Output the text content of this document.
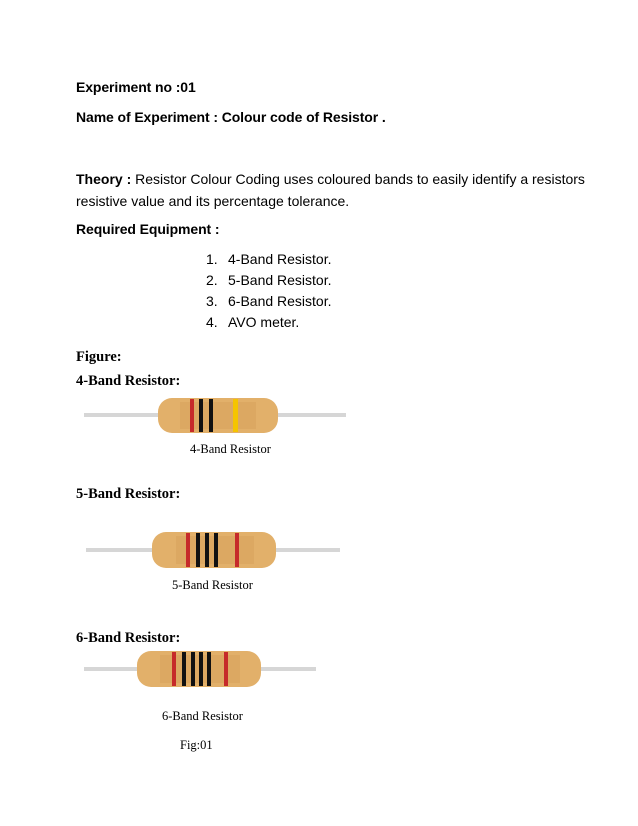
Experiment no :01
Name of Experiment : Colour code of Resistor .
Theory : Resistor Colour Coding uses coloured bands to easily identify a resistors
resistive value and its percentage tolerance.
Required Equipment :
1. 4-Band Resistor.
2. 5-Band Resistor.
3. 6-Band Resistor.
4. AVO meter.
Figure:
4-Band Resistor:
4-Band Resistor
5-Band Resistor:
5-Band Resistor
6-Band Resistor:
6-Band Resistor
Fig:01
